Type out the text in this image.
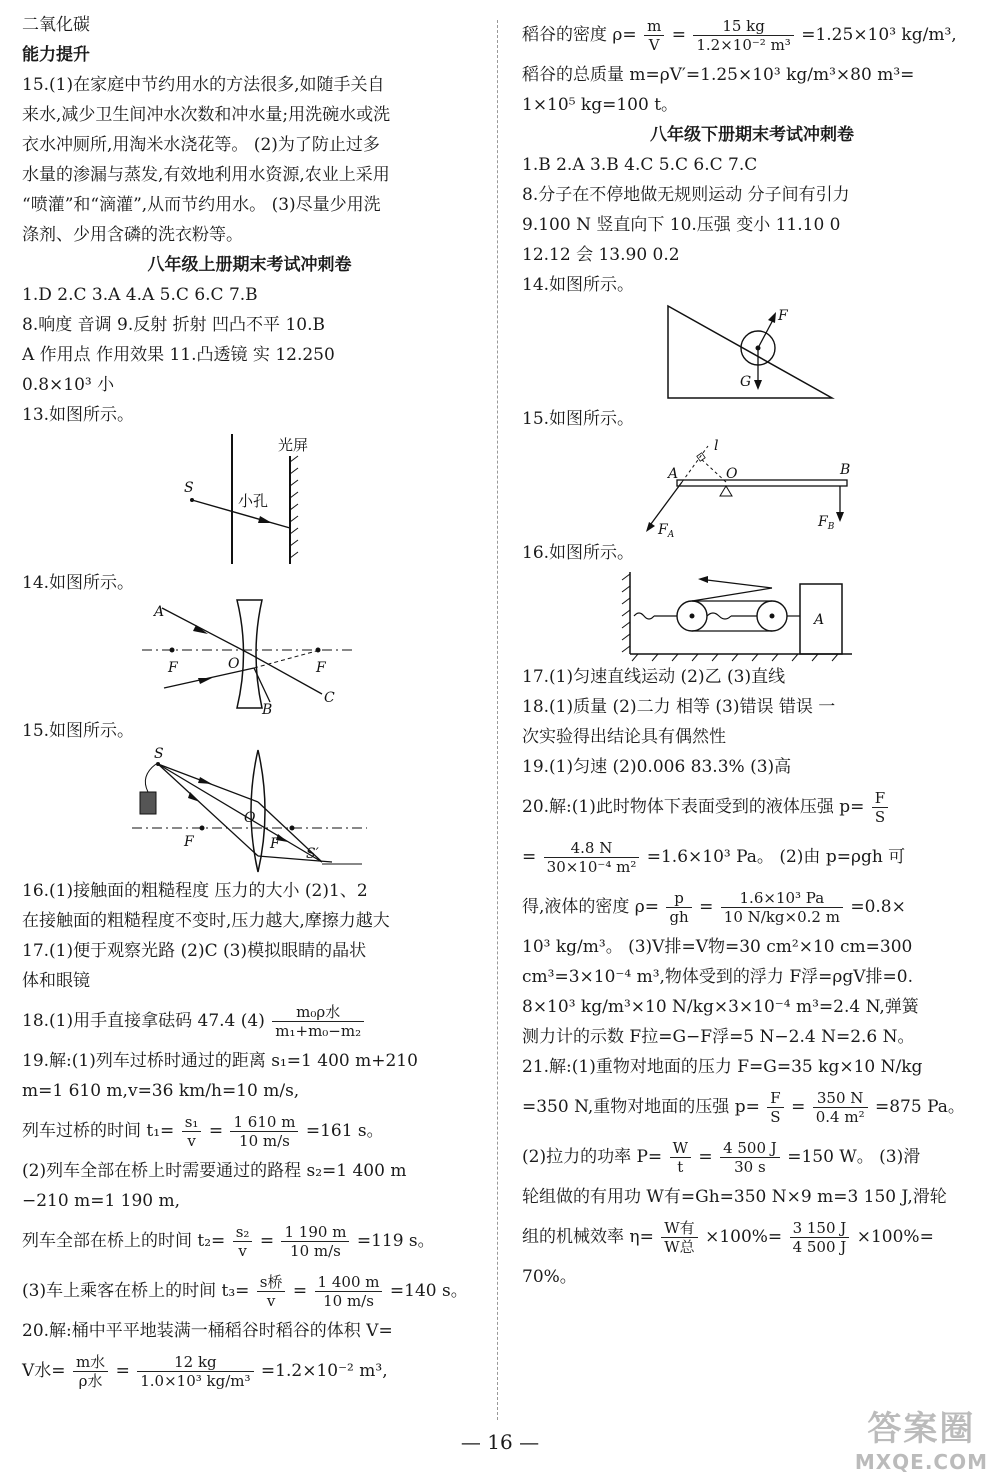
二氧化碳
能力提升
15.(1)在家庭中节约用水的方法很多,如随手关自
来水,减少卫生间冲水次数和冲水量;用洗碗水或洗
衣水冲厕所,用淘米水浇花等。 (2)为了防止过多
水量的渗漏与蒸发,有效地利用水资源,农业上采用
“喷灌”和“滴灌”,从而节约用水。 (3)尽量少用洗
涤剂、少用含磷的洗衣粉等。
八年级上册期末考试冲刺卷
1.D 2.C 3.A 4.A 5.C 6.C 7.B
8.响度 音调 9.反射 折射 凹凸不平 10.B
A 作用点 作用效果 11.凸透镜 实 12.250
0.8×10³ 小
13.如图所示。
S
小孔
光屏
14.如图所示。
A
F	O	F
C
B
15.如图所示。
S
F
O
F
S′
16.(1)接触面的粗糙程度 压力的大小 (2)1、2
在接触面的粗糙程度不变时,压力越大,摩擦力越大
17.(1)便于观察光路 (2)C (3)模拟眼睛的晶状
体和眼镜
18.(1)用手直接拿砝码 47.4 $(4) \frac{\text{m₀ρ水}}{\text{m₁+m₀−m₂}}$
19.解:(1)列车过桥时通过的距离 s₁=1 400 m+210
m=1 610 m,v=36 km/h=10 m/s,
列车过桥的时间 $t_1= \frac{\text{s₁}}{v} = \frac{1 610 m}{10 m/s} =161$ s。
(2)列车全部在桥上时需要通过的路程 s₂=1 400 m
−210 m=1 190 m,
列车全部在桥上的时间 $t_2= \frac{\text{s₂}}{v} = \frac{1 190 m}{10 m/s} =119$ s。
(3)车上乘客在桥上的时间 $t_3= \frac{\text{s桥}}{v} = \frac{1 400 m}{10 m/s} =140$ s。
20.解:桶中平平地装满一桶稻谷时稻谷的体积 V=
V水= $\frac{\text{m水}}{\text{ρ水}} = \frac{12 kg}{\text{1.0×10³ kg/m³}} =1.2\times 10^{-2}$ m³,
稻谷的密度 $\rho= \frac{m}{V} = \frac{15 kg}{\text{1.2×10⁻² m³}} =1.25\times 10^3$ kg/m³,
稻谷的总质量 m=ρV′=1.25×10³ kg/m³×80 m³=
1×10⁵ kg=100 t。
八年级下册期末考试冲刺卷
1.B 2.A 3.B 4.C 5.C 6.C 7.C
8.分子在不停地做无规则运动 分子间有引力
9.100 N 竖直向下 10.压强 变小 11.10 0
12.12 会 13.90 0.2
14.如图所示。
F
G
15.如图所示。
A	O
l
B
$F_A$
$F_B$
16.如图所示。
A
17.(1)匀速直线运动 (2)乙 (3)直线
18.(1)质量 (2)二力 相等 (3)错误 错误 一
次实验得出结论具有偶然性
19.(1)匀速 (2)0.006 83.3% (3)高
20.解:(1)此时物体下表面受到的液体压强 $p= \frac{F}{S}$
= $\frac{4.8 N}{\text{30×10⁻⁴ m²}} =1.6\times 10^3$ Pa。 (2)由 p=ρgh 可
得,液体的密度 $\rho= \frac{p}{gh} = \frac{\text{1.6×10³ Pa}}{10 N/kg\times 0.2 m} =0.8\times$
10³ kg/m³。 (3)V排=V物=30 cm²×10 cm=300
cm³=3×10⁻⁴ m³,物体受到的浮力 F浮=ρgV排=0.
8×10³ kg/m³×10 N/kg×3×10⁻⁴ m³=2.4 N,弹簧
测力计的示数 F拉=G−F浮=5 N−2.4 N=2.6 N。
21.解:(1)重物对地面的压力 F=G=35 kg×10 N/kg
=350 N,重物对地面的压强 $p= \frac{F}{S} = \frac{350 N}{\text{0.4 m²}} =875$ Pa。
(2)拉力的功率 $P= \frac{W}{t} = \frac{4 500 J}{30 s} =150$ W。 (3)滑
轮组做的有用功 W有=Gh=350 N×9 m=3 150 J,滑轮
组的机械效率 $\eta= \frac{\text{W有}}{\text{W总}} \times 100\%= \frac{3 150 J}{4 500 J} \times 100\%=$
70%。
— 16 —	答案圈
MXQE.COM
